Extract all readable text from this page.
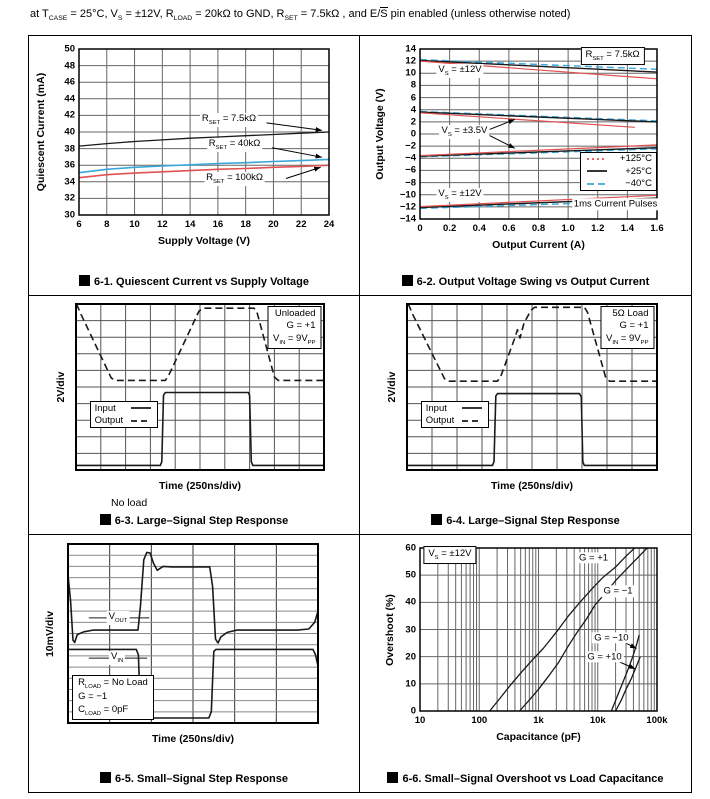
at $T_{CASE} = 25^\circ C$, $V_S = \pm 12V$, $R_{LOAD} = 20k\Omega$ to GND, $R_{SET} = 7.5k\Omega$ , and E/S pin enabled (unless otherwise noted)
30
32
34
36
38
40
42
44
46
48
50
6 8 10 12 14 16 18 20 22 24
Supply Voltage (V)
Quiescent Current (mA)	$R_{SET} = 7.5k\Omega$
$R_{SET} = 40k\Omega$
$R_{SET} = 100k\Omega$
图 6-1. Quiescent Current vs Supply Voltage
−14
−12
−10
−8
−6
−4
−2
0
2
4
6
8
10
12
14
0 0.2 0.4 0.6 0.8 1.0 1.2 1.4 1.6
Output Current (A)
Output Voltage (V)
$R_{SET} = 7.5k\Omega$
$V_S = \pm 12V$
$V_S = \pm 3.5V$
$V_S = \pm 12V$
1ms Current Pulses
+125°C
+25°C
−40°C
图 6-2. Output Voltage Swing vs Output Current
Time (250ns/div)
2V/div
No load
Input
Output
Unloaded
G = +1
$V_{IN} = 9V_{PP}$
图 6-3. Large–Signal Step Response
Time (250ns/div)
2V/div
Input
Output
5Ω Load
G = +1
$V_{IN} = 9V_{PP}$
图 6-4. Large–Signal Step Response
Time (250ns/div)
10mV/div	$V_{OUT}$
$V_{IN}$
$R_{LOAD} = No$ Load
G = −1
$C_{LOAD} = 0pF$
图 6-5. Small–Signal Step Response
0
10
20
30
40
50
60
10	100	1k	10k	100k
Capacitance (pF)
Overshoot (%)
$V_S = \pm 12V$	G = +1
G = −1
G = −10
G = +10
图 6-6. Small–Signal Overshoot vs Load Capacitance
